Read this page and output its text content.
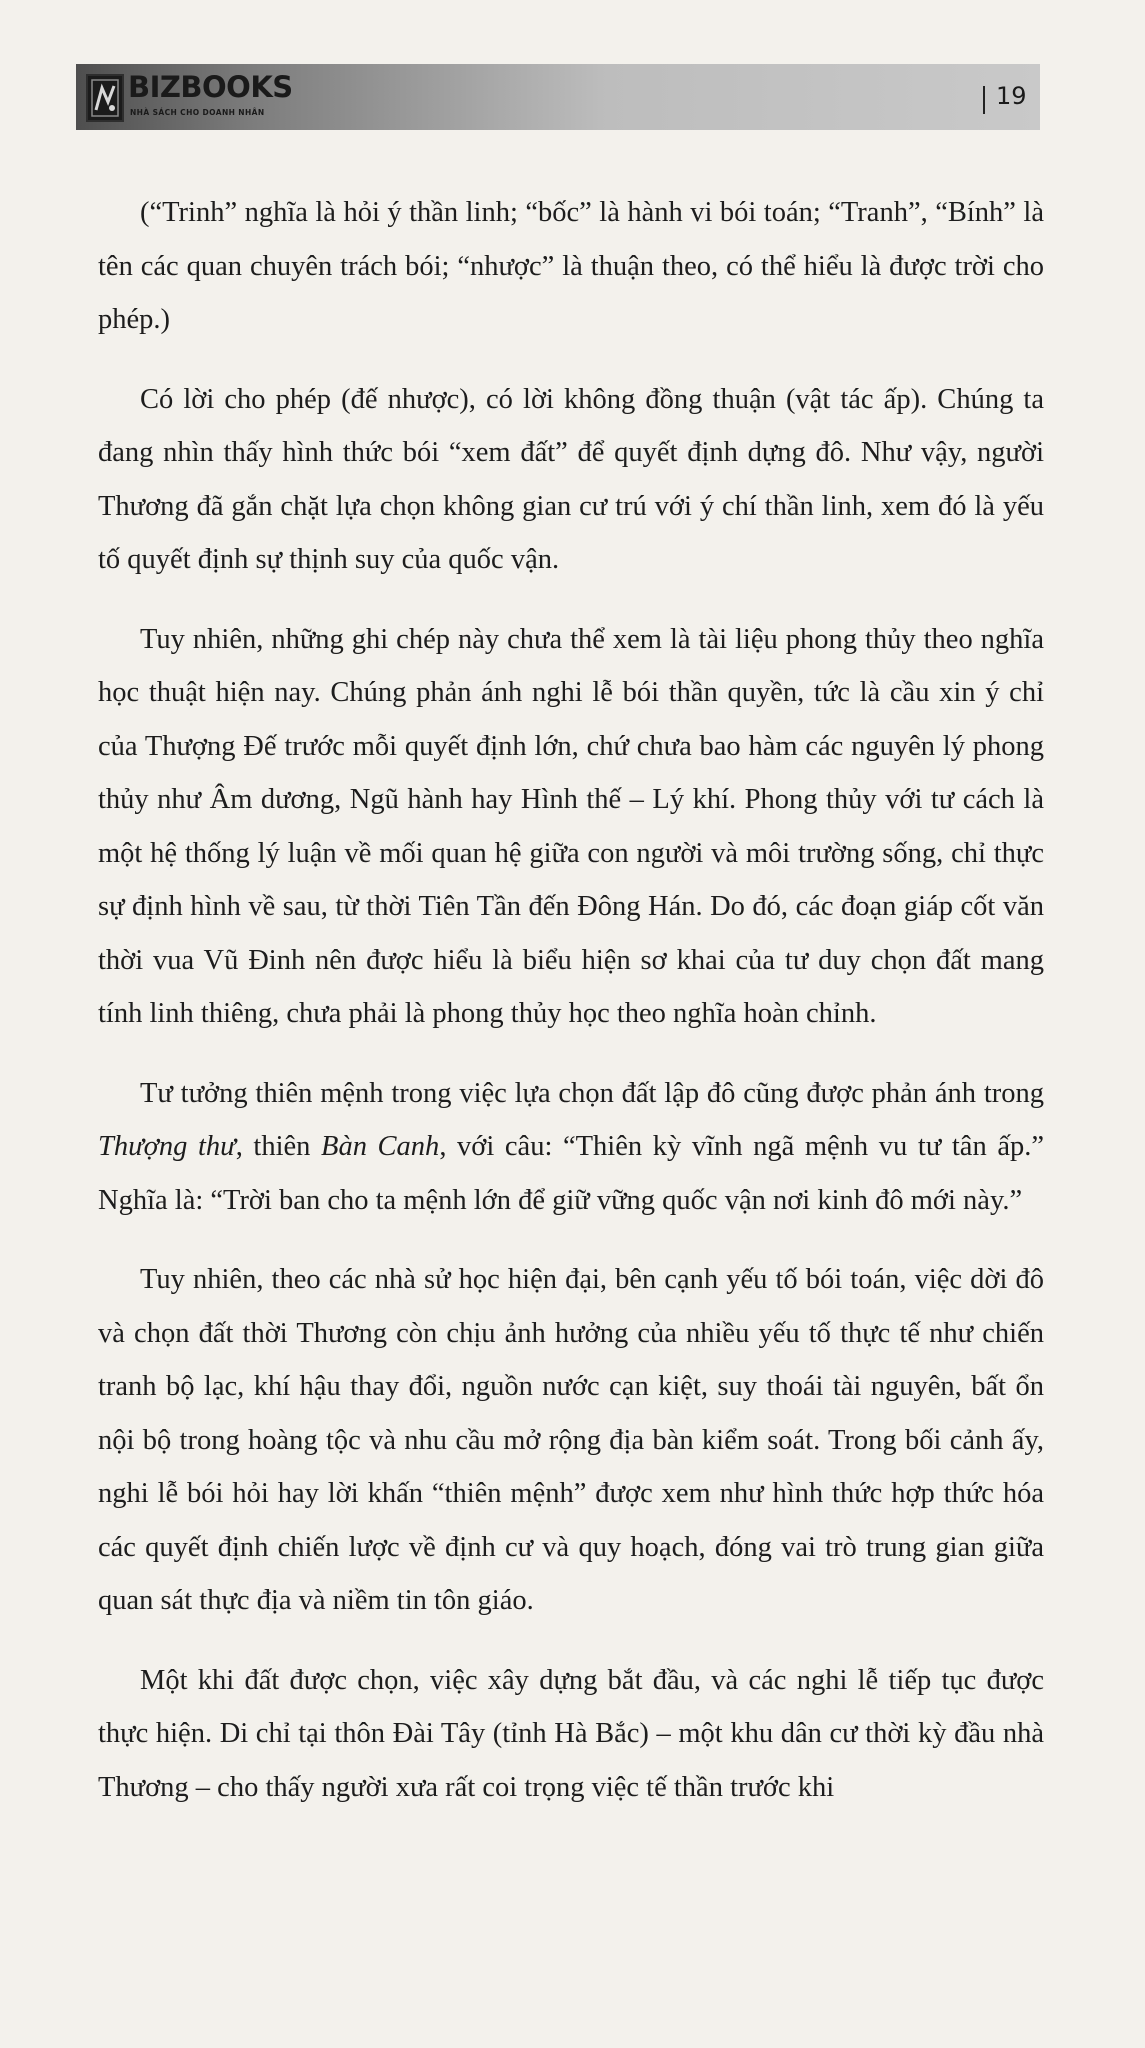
BIZBOOKS
NHÀ SÁCH CHO DOANH NHÂN
19

(“Trinh” nghĩa là hỏi ý thần linh; “bốc” là hành vi bói toán; “Tranh”, “Bính” là tên các quan chuyên trách bói; “nhược” là thuận theo, có thể hiểu là được trời cho phép.)

Có lời cho phép (đế nhược), có lời không đồng thuận (vật tác ấp). Chúng ta đang nhìn thấy hình thức bói “xem đất” để quyết định dựng đô. Như vậy, người Thương đã gắn chặt lựa chọn không gian cư trú với ý chí thần linh, xem đó là yếu tố quyết định sự thịnh suy của quốc vận.

Tuy nhiên, những ghi chép này chưa thể xem là tài liệu phong thủy theo nghĩa học thuật hiện nay. Chúng phản ánh nghi lễ bói thần quyền, tức là cầu xin ý chỉ của Thượng Đế trước mỗi quyết định lớn, chứ chưa bao hàm các nguyên lý phong thủy như Âm dương, Ngũ hành hay Hình thế – Lý khí. Phong thủy với tư cách là một hệ thống lý luận về mối quan hệ giữa con người và môi trường sống, chỉ thực sự định hình về sau, từ thời Tiên Tần đến Đông Hán. Do đó, các đoạn giáp cốt văn thời vua Vũ Đinh nên được hiểu là biểu hiện sơ khai của tư duy chọn đất mang tính linh thiêng, chưa phải là phong thủy học theo nghĩa hoàn chỉnh.

Tư tưởng thiên mệnh trong việc lựa chọn đất lập đô cũng được phản ánh trong Thượng thư, thiên Bàn Canh, với câu: “Thiên kỳ vĩnh ngã mệnh vu tư tân ấp.” Nghĩa là: “Trời ban cho ta mệnh lớn để giữ vững quốc vận nơi kinh đô mới này.”

Tuy nhiên, theo các nhà sử học hiện đại, bên cạnh yếu tố bói toán, việc dời đô và chọn đất thời Thương còn chịu ảnh hưởng của nhiều yếu tố thực tế như chiến tranh bộ lạc, khí hậu thay đổi, nguồn nước cạn kiệt, suy thoái tài nguyên, bất ổn nội bộ trong hoàng tộc và nhu cầu mở rộng địa bàn kiểm soát. Trong bối cảnh ấy, nghi lễ bói hỏi hay lời khấn “thiên mệnh” được xem như hình thức hợp thức hóa các quyết định chiến lược về định cư và quy hoạch, đóng vai trò trung gian giữa quan sát thực địa và niềm tin tôn giáo.

Một khi đất được chọn, việc xây dựng bắt đầu, và các nghi lễ tiếp tục được thực hiện. Di chỉ tại thôn Đài Tây (tỉnh Hà Bắc) – một khu dân cư thời kỳ đầu nhà Thương – cho thấy người xưa rất coi trọng việc tế thần trước khi
